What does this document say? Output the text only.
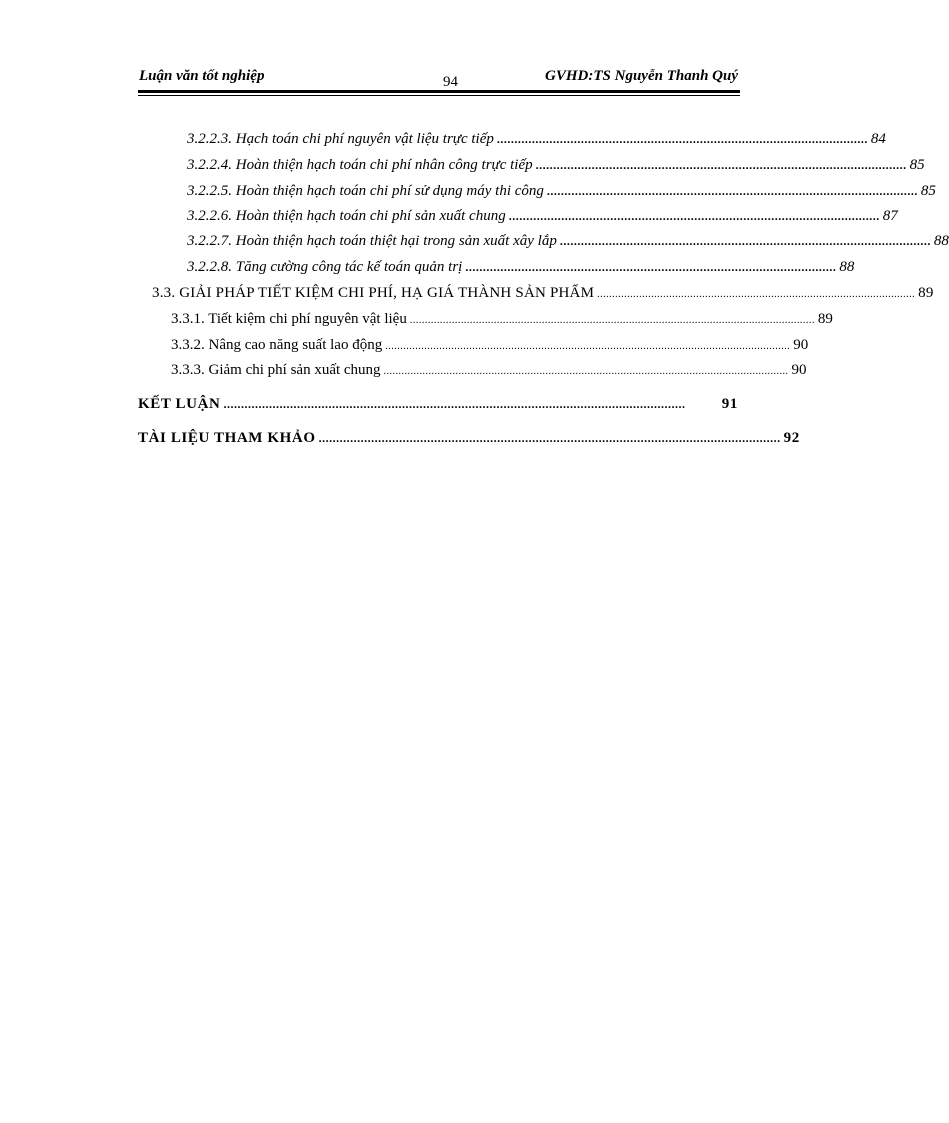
Luận văn tốt nghiệp	94	GVHD:TS Nguyễn Thanh Quý
3.2.2.3. Hạch toán chi phí nguyên vật liệu trực tiếp .......................................................................................................... 84
3.2.2.4. Hoàn thiện hạch toán chi phí nhân công trực tiếp .......................................................................................................... 85
3.2.2.5. Hoàn thiện hạch toán chi phí sử dụng máy thi công .......................................................................................................... 85
3.2.2.6. Hoàn thiện hạch toán chi phí sản xuất chung .......................................................................................................... 87
3.2.2.7. Hoàn thiện hạch toán thiệt hại trong sản xuất xây lắp .......................................................................................................... 88
3.2.2.8. Tăng cường công tác kế toán quản trị .......................................................................................................... 88
3.3. GIẢI PHÁP TIẾT KIỆM CHI PHÍ, HẠ GIÁ THÀNH SẢN PHẨM .......................................................................................................... 89
3.3.1. Tiết kiệm chi phí nguyên vật liệu ....................................................................................................................................... 89
3.3.2. Nâng cao năng suất lao động ....................................................................................................................................... 90
3.3.3. Giảm chi phí sản xuất chung ....................................................................................................................................... 90
KẾT LUẬN ....................................................................................................................................	91
TÀI LIỆU THAM KHẢO .................................................................................................................................... 92
